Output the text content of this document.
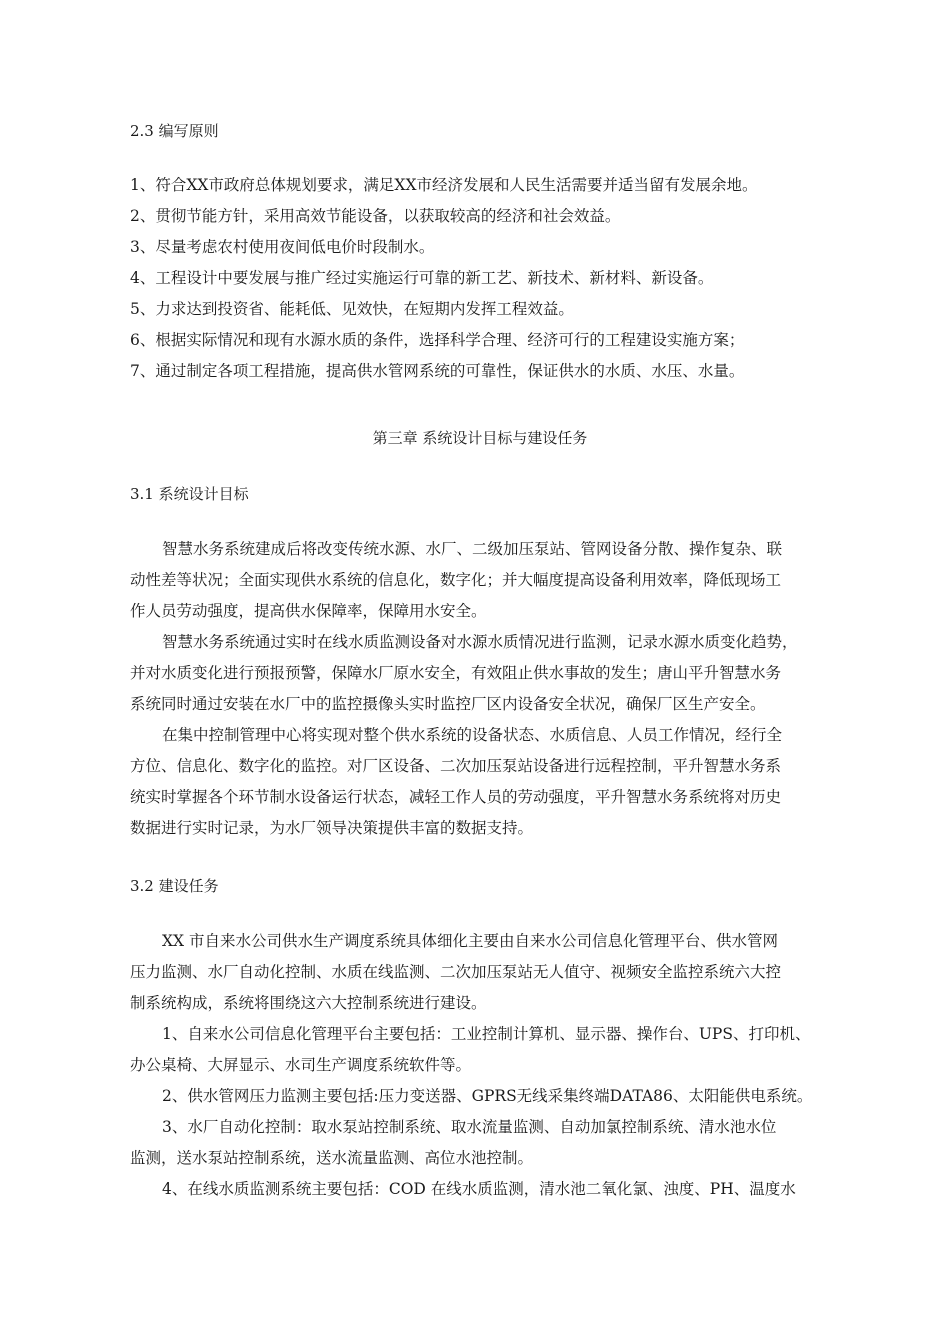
2.3 编写原则

1、符合XX市政府总体规划要求，满足XX市经济发展和人民生活需要并适当留有发展余地。

2、贯彻节能方针，采用高效节能设备，以获取较高的经济和社会效益。

3、尽量考虑农村使用夜间低电价时段制水。

4、工程设计中要发展与推广经过实施运行可靠的新工艺、新技术、新材料、新设备。

5、力求达到投资省、能耗低、见效快，在短期内发挥工程效益。

6、根据实际情况和现有水源水质的条件，选择科学合理、经济可行的工程建设实施方案；

7、通过制定各项工程措施，提高供水管网系统的可靠性，保证供水的水质、水压、水量。

第三章 系统设计目标与建设任务

3.1 系统设计目标

智慧水务系统建成后将改变传统水源、水厂、二级加压泵站、管网设备分散、操作复杂、联
动性差等状况；全面实现供水系统的信息化，数字化；并大幅度提高设备利用效率，降低现场工
作人员劳动强度，提高供水保障率，保障用水安全。
智慧水务系统通过实时在线水质监测设备对水源水质情况进行监测，记录水源水质变化趋势，
并对水质变化进行预报预警，保障水厂原水安全，有效阻止供水事故的发生；唐山平升智慧水务
系统同时通过安装在水厂中的监控摄像头实时监控厂区内设备安全状况，确保厂区生产安全。
在集中控制管理中心将实现对整个供水系统的设备状态、水质信息、人员工作情况，经行全
方位、信息化、数字化的监控。对厂区设备、二次加压泵站设备进行远程控制，平升智慧水务系
统实时掌握各个环节制水设备运行状态，减轻工作人员的劳动强度，平升智慧水务系统将对历史
数据进行实时记录，为水厂领导决策提供丰富的数据支持。

3.2 建设任务

XX 市自来水公司供水生产调度系统具体细化主要由自来水公司信息化管理平台、供水管网
压力监测、水厂自动化控制、水质在线监测、二次加压泵站无人值守、视频安全监控系统六大控
制系统构成，系统将围绕这六大控制系统进行建设。
1、自来水公司信息化管理平台主要包括：工业控制计算机、显示器、操作台、UPS、打印机、
办公桌椅、大屏显示、水司生产调度系统软件等。
2、供水管网压力监测主要包括:压力变送器、GPRS无线采集终端DATA86、太阳能供电系统。
3、水厂自动化控制：取水泵站控制系统、取水流量监测、自动加氯控制系统、清水池水位
监测，送水泵站控制系统，送水流量监测、高位水池控制。
4、在线水质监测系统主要包括：COD 在线水质监测，清水池二氧化氯、浊度、PH、温度水
